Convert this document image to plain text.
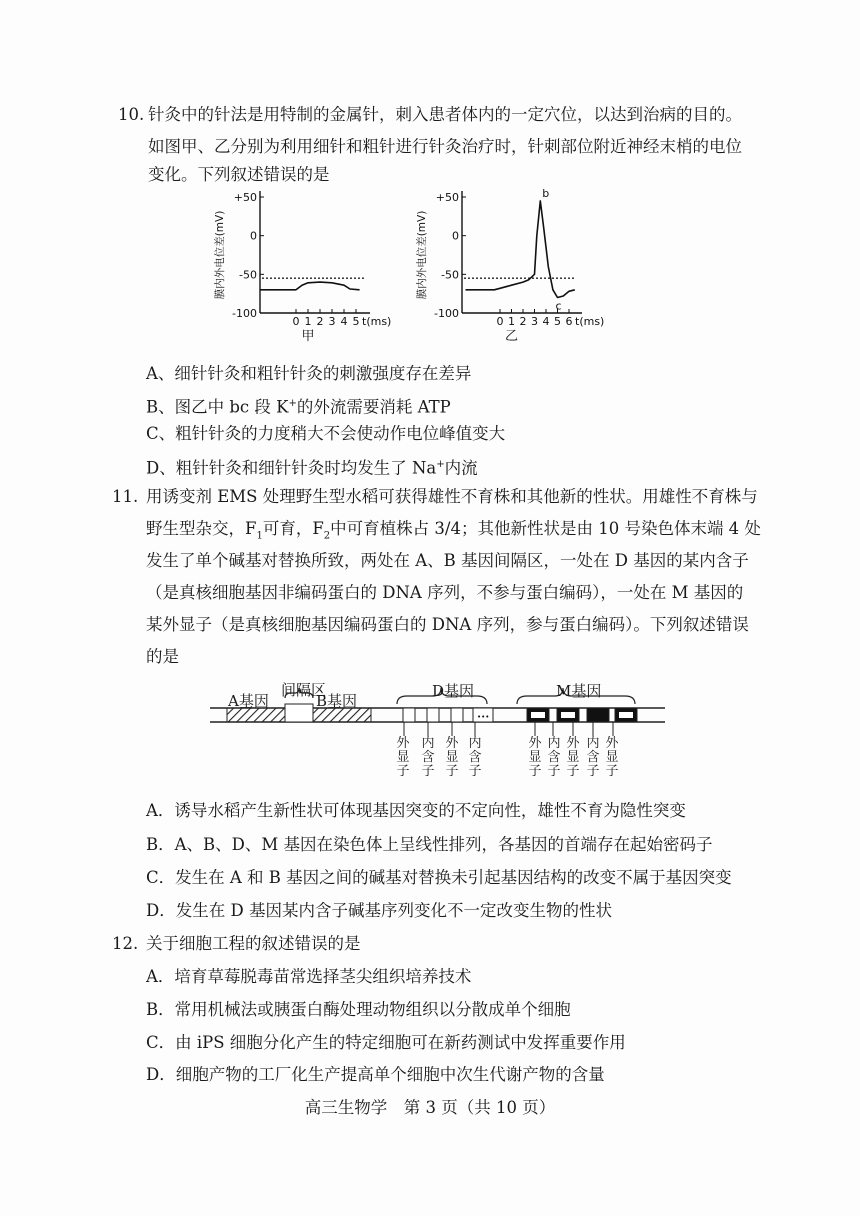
10. 针灸中的针法是用特制的金属针，刺入患者体内的一定穴位，以达到治病的目的。
如图甲、乙分别为利用细针和粗针进行针灸治疗时，针刺部位附近神经末梢的电位
变化。下列叙述错误的是
+50
0
-50
-100
膜内外电位差(mV)
0 1 2 3 4 5 t(ms)
甲
+50
0
-50
-100
膜内外电位差(mV)
0 1 2 3 4 5 6 t(ms)
乙
b
c
A、细针针灸和粗针针灸的刺激强度存在差异
B、图乙中 bc 段 K+的外流需要消耗 ATP
C、粗针针灸的力度稍大不会使动作电位峰值变大
D、粗针针灸和细针针灸时均发生了 Na+内流
11. 用诱变剂 EMS 处理野生型水稻可获得雄性不育株和其他新的性状。用雄性不育株与
野生型杂交，$F_1$可育，$F_2$中可育植株占 3/4；其他新性状是由 10 号染色体末端 4 处
发生了单个碱基对替换所致，两处在 A、B 基因间隔区，一处在 D 基因的某内含子
（是真核细胞基因非编码蛋白的 DNA 序列，不参与蛋白编码），一处在 M 基因的
某外显子（是真核细胞基因编码蛋白的 DNA 序列，参与蛋白编码）。下列叙述错误
的是
•••
A基因
间隔区
B基因
D基因	M基因
外显子
内含子
外显子
内含子
外显子
内含子
外显子
内含子
外显子
A．诱导水稻产生新性状可体现基因突变的不定向性，雄性不育为隐性突变
B．A、B、D、M 基因在染色体上呈线性排列，各基因的首端存在起始密码子
C．发生在 A 和 B 基因之间的碱基对替换未引起基因结构的改变不属于基因突变
D．发生在 D 基因某内含子碱基序列变化不一定改变生物的性状
12. 关于细胞工程的叙述错误的是
A．培育草莓脱毒苗常选择茎尖组织培养技术
B．常用机械法或胰蛋白酶处理动物组织以分散成单个细胞
C．由 iPS 细胞分化产生的特定细胞可在新药测试中发挥重要作用
D．细胞产物的工厂化生产提高单个细胞中次生代谢产物的含量
高三生物学　第 3 页（共 10 页）
